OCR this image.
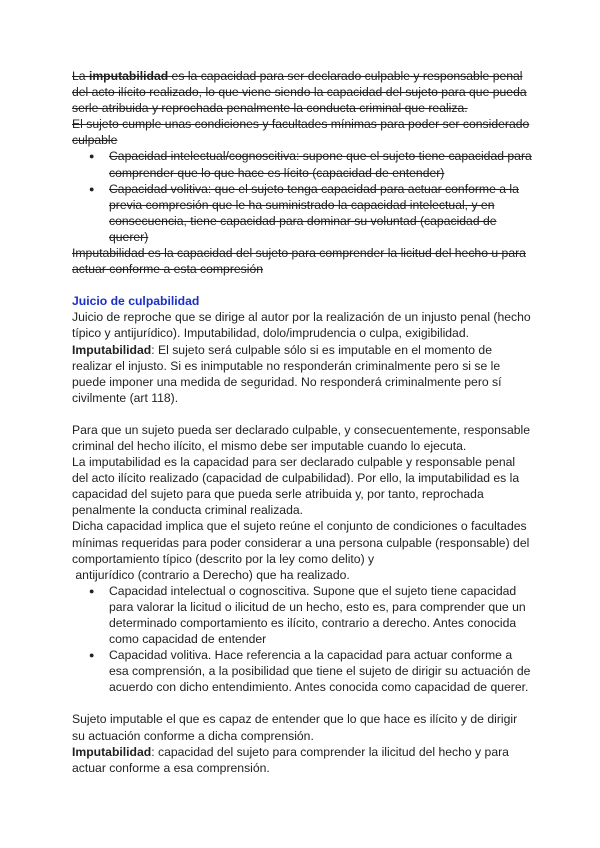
La imputabilidad es la capacidad para ser declarado culpable y responsable penal del acto ilícito realizado, lo que viene siendo la capacidad del sujeto para que pueda serle atribuida y reprochada penalmente la conducta criminal que realiza.

El sujeto cumple unas condiciones y facultades mínimas para poder ser considerado culpable

● Capacidad intelectual/cognoscitiva: supone que el sujeto tiene capacidad para comprender que lo que hace es lícito (capacidad de entender)
● Capacidad volitiva: que el sujeto tenga capacidad para actuar conforme a la previa compresión que le ha suministrado la capacidad intelectual, y en consecuencia, tiene capacidad para dominar su voluntad (capacidad de querer)

Imputabilidad es la capacidad del sujeto para comprender la licitud del hecho u para actuar conforme a esta compresión

Juicio de culpabilidad

Juicio de reproche que se dirige al autor por la realización de un injusto penal (hecho típico y antijurídico). Imputabilidad, dolo/imprudencia o culpa, exigibilidad.

Imputabilidad: El sujeto será culpable sólo si es imputable en el momento de realizar el injusto. Si es inimputable no responderán criminalmente pero si se le puede imponer una medida de seguridad. No responderá criminalmente pero sí civilmente (art 118).

Para que un sujeto pueda ser declarado culpable, y consecuentemente, responsable criminal del hecho ilícito, el mismo debe ser imputable cuando lo ejecuta.

La imputabilidad es la capacidad para ser declarado culpable y responsable penal del acto ilícito realizado (capacidad de culpabilidad). Por ello, la imputabilidad es la capacidad del sujeto para que pueda serle atribuida y, por tanto, reprochada penalmente la conducta criminal realizada.

Dicha capacidad implica que el sujeto reúne el conjunto de condiciones o facultades mínimas requeridas para poder considerar a una persona culpable (responsable) del comportamiento típico (descrito por la ley como delito) y

antijurídico (contrario a Derecho) que ha realizado.

● Capacidad intelectual o cognoscitiva. Supone que el sujeto tiene capacidad para valorar la licitud o ilicitud de un hecho, esto es, para comprender que un determinado comportamiento es ilícito, contrario a derecho. Antes conocida como capacidad de entender
● Capacidad volitiva. Hace referencia a la capacidad para actuar conforme a esa comprensión, a la posibilidad que tiene el sujeto de dirigir su actuación de acuerdo con dicho entendimiento. Antes conocida como capacidad de querer.

Sujeto imputable el que es capaz de entender que lo que hace es ilícito y de dirigir su actuación conforme a dicha comprensión.

Imputabilidad: capacidad del sujeto para comprender la ilicitud del hecho y para actuar conforme a esa comprensión.
